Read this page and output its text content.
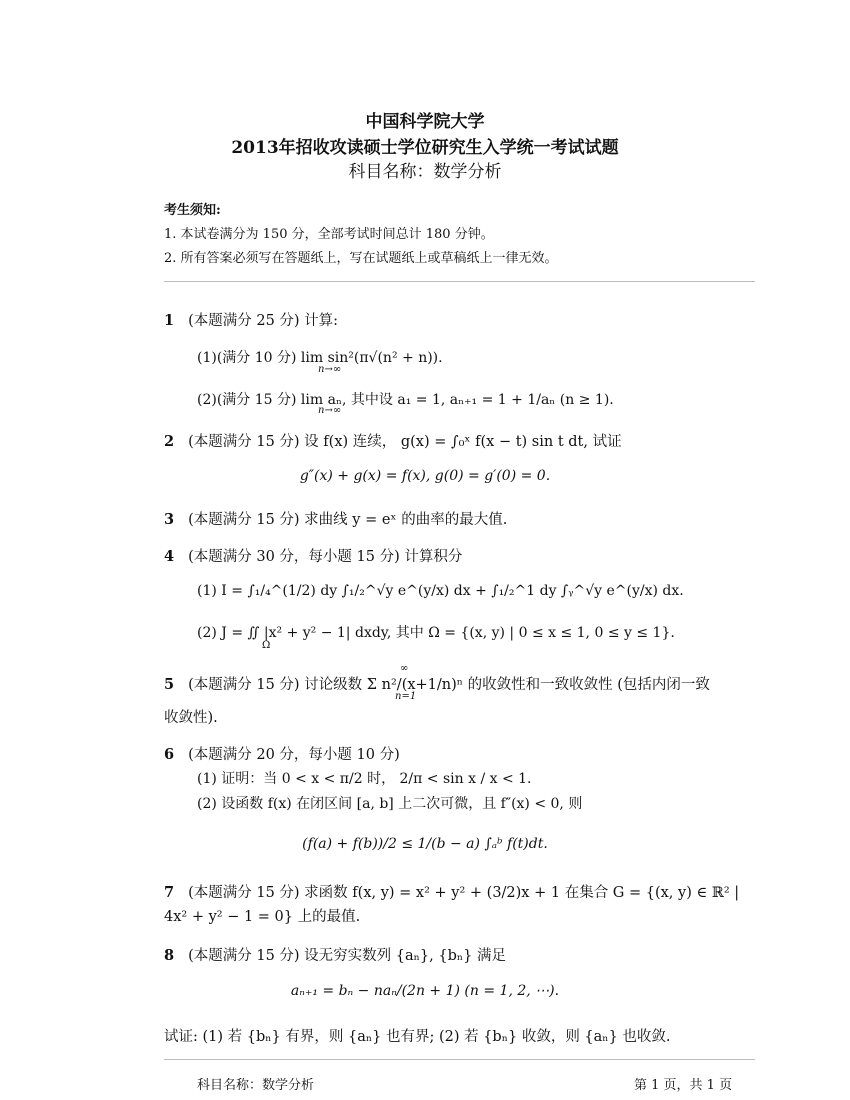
中国科学院大学
2013年招收攻读硕士学位研究生入学统一考试试题
科目名称：数学分析
考生须知:
1. 本试卷满分为 150 分，全部考试时间总计 180 分钟。
2. 所有答案必须写在答题纸上，写在试题纸上或草稿纸上一律无效。
1 (本题满分 25 分) 计算:
(1)(满分 10 分) lim sin²(π√(n² + n)).
n→∞
(2)(满分 15 分) lim aₙ, 其中设 a₁ = 1, aₙ₊₁ = 1 + 1/aₙ (n ≥ 1).
n→∞
2 (本题满分 15 分) 设 f(x) 连续， g(x) = ∫₀ˣ f(x − t) sin t dt, 试证
g″(x) + g(x) = f(x), g(0) = g′(0) = 0.
3 (本题满分 15 分) 求曲线 y = eˣ 的曲率的最大值.
4 (本题满分 30 分，每小题 15 分) 计算积分
(1) I = ∫₁/₄^(1/2) dy ∫₁/₂^√y e^(y/x) dx + ∫₁/₂^1 dy ∫ᵧ^√y e^(y/x) dx.
(2) J = ∬ |x² + y² − 1| dxdy, 其中 Ω = {(x, y) | 0 ≤ x ≤ 1, 0 ≤ y ≤ 1}.
Ω
∞
5 (本题满分 15 分) 讨论级数 Σ n²/(x+1/n)ⁿ 的收敛性和一致收敛性 (包括内闭一致
n=1
收敛性).
6 (本题满分 20 分，每小题 10 分)
(1) 证明：当 0 < x < π/2 时， 2/π < sin x / x < 1.
(2) 设函数 f(x) 在闭区间 [a, b] 上二次可微，且 f″(x) < 0, 则
(f(a) + f(b))/2 ≤ 1/(b − a) ∫ₐᵇ f(t)dt.
7 (本题满分 15 分) 求函数 f(x, y) = x² + y² + (3/2)x + 1 在集合 G = {(x, y) ∈ ℝ² |
4x² + y² − 1 = 0} 上的最值.
8 (本题满分 15 分) 设无穷实数列 {aₙ}, {bₙ} 满足
aₙ₊₁ = bₙ − naₙ/(2n + 1) (n = 1, 2, ⋯).
试证: (1) 若 {bₙ} 有界，则 {aₙ} 也有界; (2) 若 {bₙ} 收敛，则 {aₙ} 也收敛.
科目名称：数学分析	第 1 页，共 1 页
